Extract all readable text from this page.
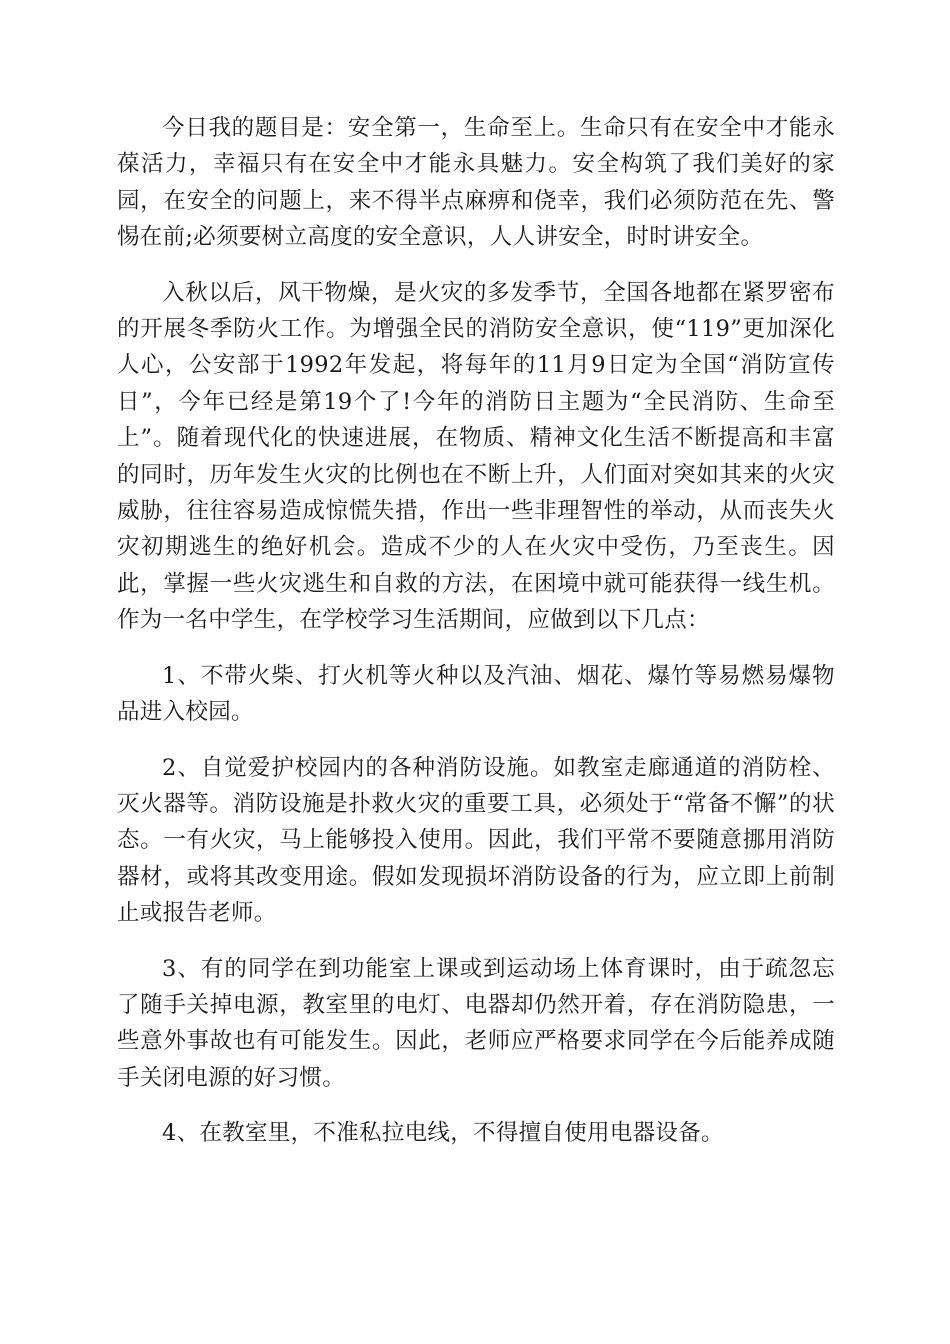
今日我的题目是：安全第一，生命至上。生命只有在安全中才能永葆活力，幸福只有在安全中才能永具魅力。安全构筑了我们美好的家园，在安全的问题上，来不得半点麻痹和侥幸，我们必须防范在先、警惕在前;必须要树立高度的安全意识，人人讲安全，时时讲安全。

入秋以后，风干物燥，是火灾的多发季节，全国各地都在紧罗密布的开展冬季防火工作。为增强全民的消防安全意识，使“119”更加深化人心，公安部于1992年发起，将每年的11月9日定为全国“消防宣传日”，今年已经是第19个了!今年的消防日主题为“全民消防、生命至上”。随着现代化的快速进展，在物质、精神文化生活不断提高和丰富的同时，历年发生火灾的比例也在不断上升，人们面对突如其来的火灾威胁，往往容易造成惊慌失措，作出一些非理智性的举动，从而丧失火灾初期逃生的绝好机会。造成不少的人在火灾中受伤，乃至丧生。因此，掌握一些火灾逃生和自救的方法，在困境中就可能获得一线生机。作为一名中学生，在学校学习生活期间，应做到以下几点：

1、不带火柴、打火机等火种以及汽油、烟花、爆竹等易燃易爆物品进入校园。

2、自觉爱护校园内的各种消防设施。如教室走廊通道的消防栓、灭火器等。消防设施是扑救火灾的重要工具，必须处于“常备不懈”的状态。一有火灾，马上能够投入使用。因此，我们平常不要随意挪用消防器材，或将其改变用途。假如发现损坏消防设备的行为，应立即上前制止或报告老师。

3、有的同学在到功能室上课或到运动场上体育课时，由于疏忽忘了随手关掉电源，教室里的电灯、电器却仍然开着，存在消防隐患，一些意外事故也有可能发生。因此，老师应严格要求同学在今后能养成随手关闭电源的好习惯。

4、在教室里，不准私拉电线，不得擅自使用电器设备。
